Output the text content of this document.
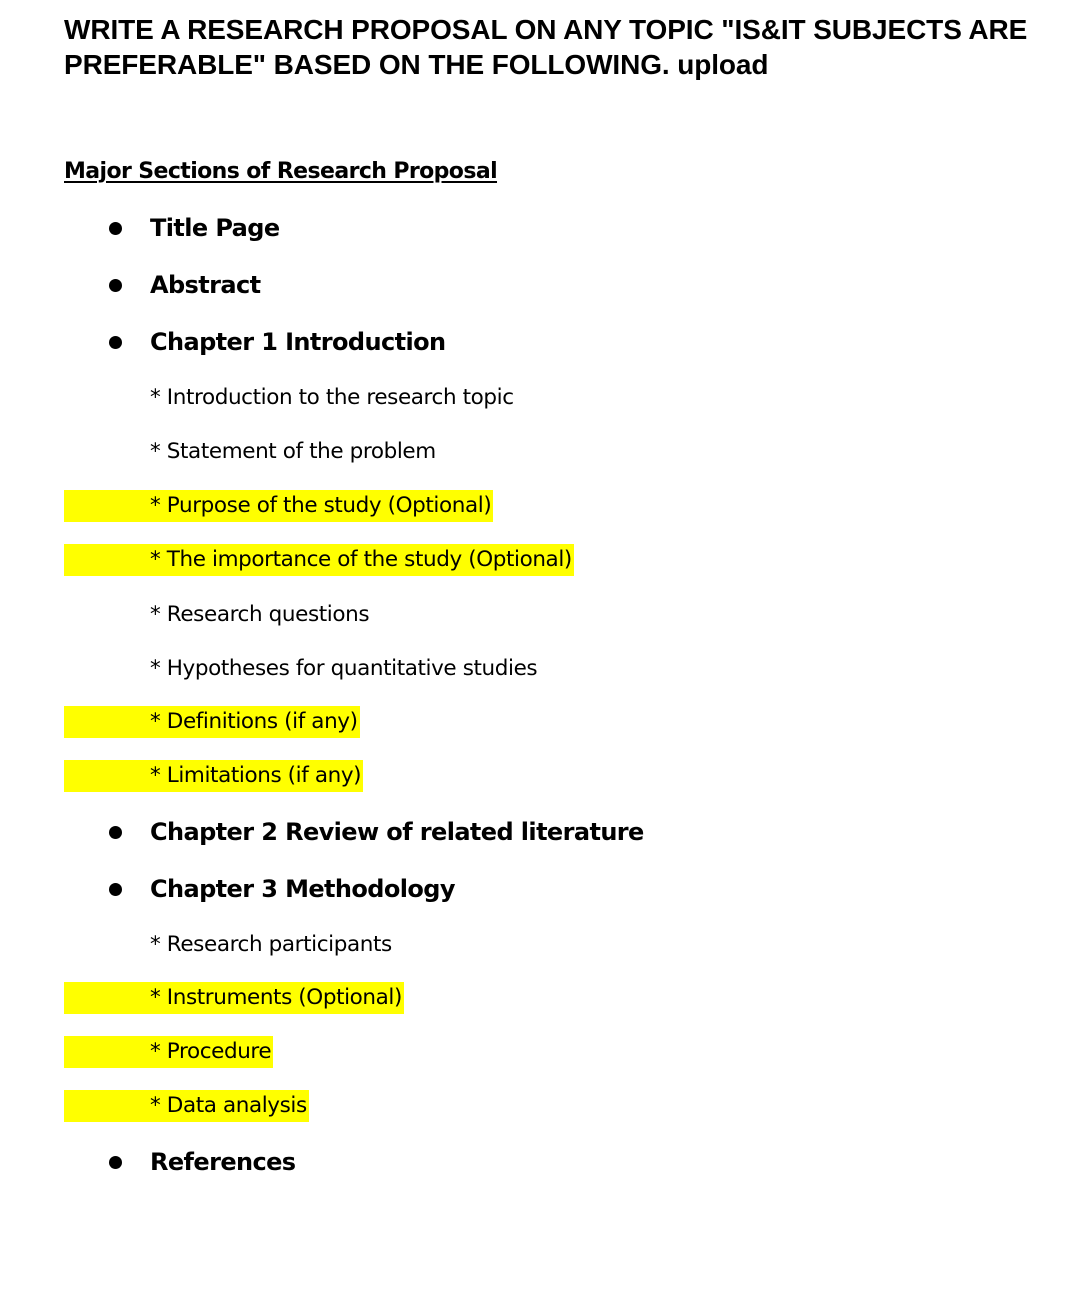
WRITE A RESEARCH PROPOSAL ON ANY TOPIC "IS&IT SUBJECTS ARE PREFERABLE" BASED ON THE FOLLOWING. upload
Major Sections of Research Proposal
Title Page
Abstract
Chapter 1 Introduction
* Introduction to the research topic
* Statement of the problem
* Purpose of the study (Optional)
* The importance of the study (Optional)
* Research questions
* Hypotheses for quantitative studies
* Definitions (if any)
* Limitations (if any)
Chapter 2 Review of related literature
Chapter 3 Methodology
* Research participants
* Instruments (Optional)
* Procedure
* Data analysis
References
